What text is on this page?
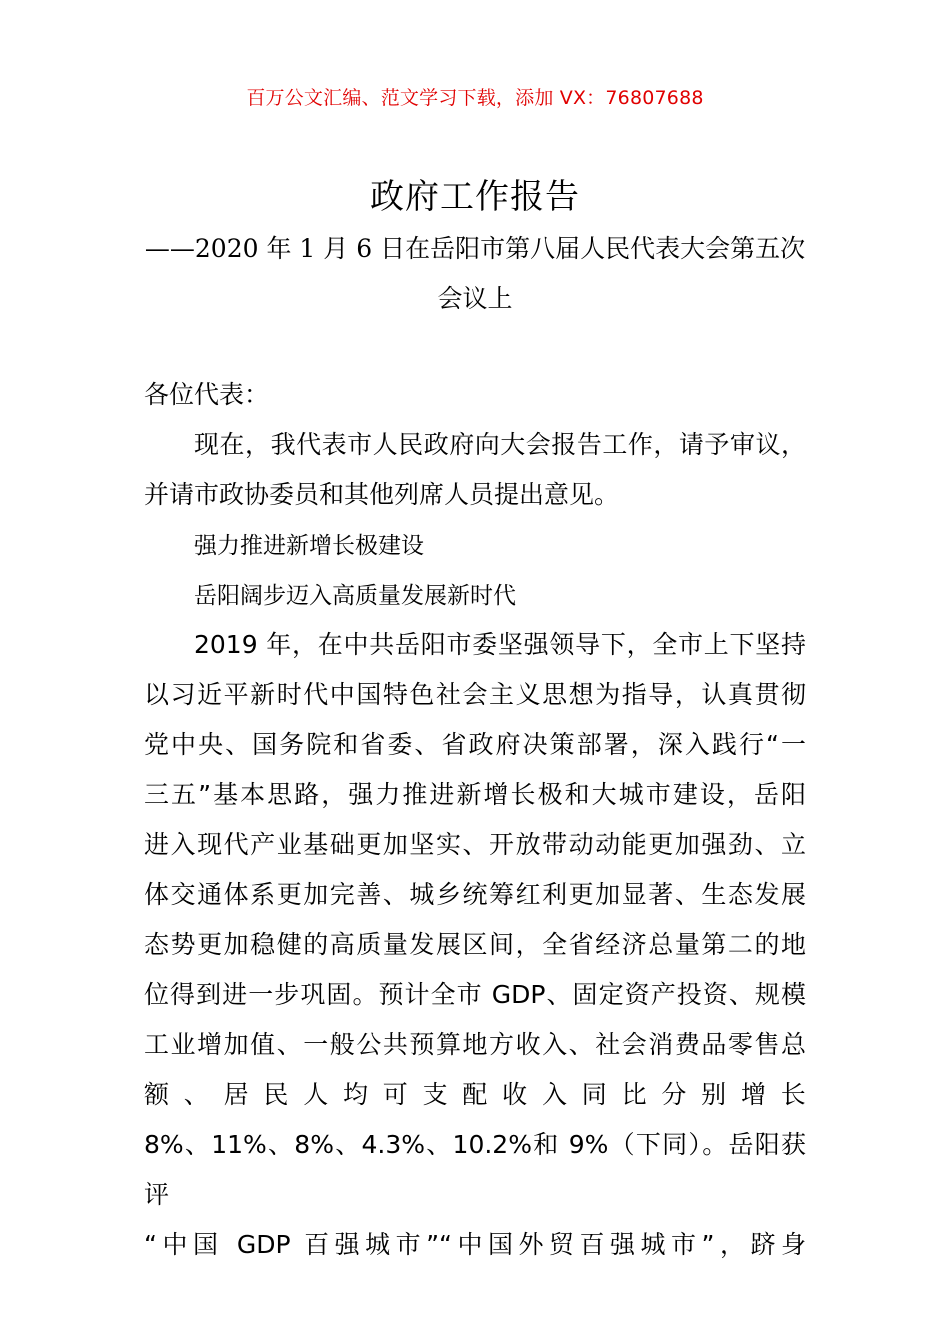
百万公文汇编、范文学习下载，添加 VX：76807688
政府工作报告
——2020 年 1 月 6 日在岳阳市第八届人民代表大会第五次
会议上
各位代表：
现在，我代表市人民政府向大会报告工作，请予审议，
并请市政协委员和其他列席人员提出意见。
强力推进新增长极建设
岳阳阔步迈入高质量发展新时代
2019 年，在中共岳阳市委坚强领导下，全市上下坚持
以习近平新时代中国特色社会主义思想为指导，认真贯彻
党中央、国务院和省委、省政府决策部署，深入践行“一
三五”基本思路，强力推进新增长极和大城市建设，岳阳
进入现代产业基础更加坚实、开放带动动能更加强劲、立
体交通体系更加完善、城乡统筹红利更加显著、生态发展
态势更加稳健的高质量发展区间，全省经济总量第二的地
位得到进一步巩固。预计全市 GDP、固定资产投资、规模
工业增加值、一般公共预算地方收入、社会消费品零售总
额 、 居 民 人 均 可 支 配 收 入 同 比 分 别 增 长
8%、11%、8%、4.3%、10.2%和 9%（下同）。岳阳获评
“中国 GDP 百强城市”“中国外贸百强城市”，跻身
